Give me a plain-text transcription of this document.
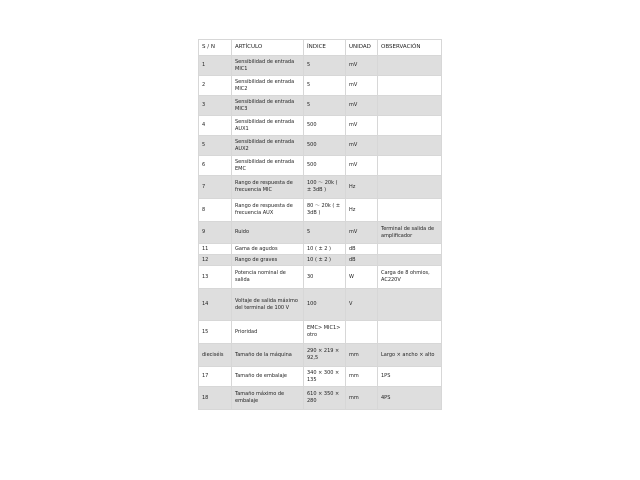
S / N	ARTÍCULO	ÍNDICE	UNIDAD	OBSERVACIÓN
1	Sensibilidad de entrada MIC1	5	mV	
2	Sensibilidad de entrada MIC2	5	mV	
3	Sensibilidad de entrada MIC3	5	mV	
4	Sensibilidad de entrada AUX1	500	mV	
5	Sensibilidad de entrada AUX2	500	mV	
6	Sensibilidad de entrada EMC	500	mV	
7	Rango de respuesta de frecuencia MIC	100 ～ 20k ( ± 3dB )	Hz	
8	Rango de respuesta de frecuencia AUX	80 ～ 20k ( ± 3dB )	Hz	
9	Ruido	5	mV	Terminal de salida de amplificador
11	Gama de agudos	10 ( ± 2 )	dB	
12	Rango de graves	10 ( ± 2 )	dB	
13	Potencia nominal de salida	30	W	Carga de 8 ohmios, AC220V
14	Voltaje de salida máximo del terminal de 100 V	100	V	
15	Prioridad	EMC> MIC1> otro		
dieciséis	Tamaño de la máquina	290 × 219 × 92,5	mm	Largo × ancho × alto
17	Tamaño de embalaje	340 × 300 × 135	mm	1PS
18	Tamaño máximo de embalaje	610 × 350 × 280	mm	4PS
